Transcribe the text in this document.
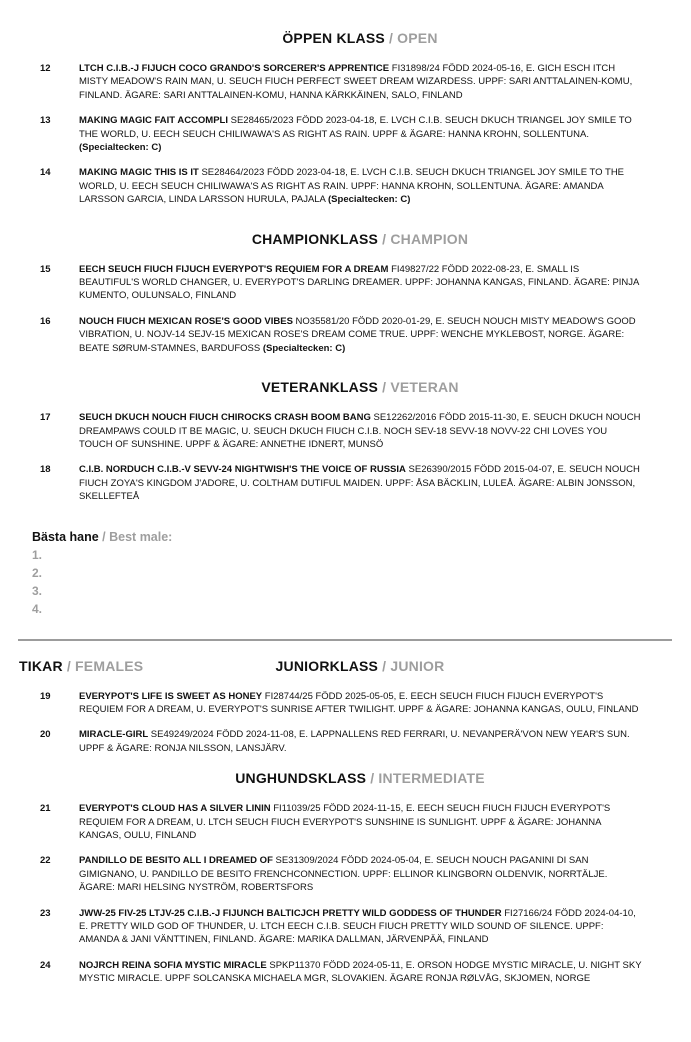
ÖPPEN KLASS / OPEN
12	LTCH C.I.B.-J FIJUCH COCO GRANDO'S SORCERER'S APPRENTICE FI31898/24 FÖDD 2024-05-16, E. GICH ESCH ITCH MISTY MEADOW'S RAIN MAN, U. SEUCH FIUCH PERFECT SWEET DREAM WIZARDESS. UPPF: SARI ANTTALAINEN-KOMU, FINLAND. ÄGARE: SARI ANTTALAINEN-KOMU, HANNA KÄRKKÄINEN, SALO, FINLAND
13	MAKING MAGIC FAIT ACCOMPLI SE28465/2023 FÖDD 2023-04-18, E. LVCH C.I.B. SEUCH DKUCH TRIANGEL JOY SMILE TO THE WORLD, U. EECH SEUCH CHILIWAWA'S AS RIGHT AS RAIN. UPPF & ÄGARE: HANNA KROHN, SOLLENTUNA. (Specialtecken: C)
14	MAKING MAGIC THIS IS IT SE28464/2023 FÖDD 2023-04-18, E. LVCH C.I.B. SEUCH DKUCH TRIANGEL JOY SMILE TO THE WORLD, U. EECH SEUCH CHILIWAWA'S AS RIGHT AS RAIN. UPPF: HANNA KROHN, SOLLENTUNA. ÄGARE: AMANDA LARSSON GARCIA, LINDA LARSSON HURULA, PAJALA (Specialtecken: C)
CHAMPIONKLASS / CHAMPION
15	EECH SEUCH FIUCH FIJUCH EVERYPOT'S REQUIEM FOR A DREAM FI49827/22 FÖDD 2022-08-23, E. SMALL IS BEAUTIFUL'S WORLD CHANGER, U. EVERYPOT'S DARLING DREAMER. UPPF: JOHANNA KANGAS, FINLAND. ÄGARE: PINJA KUMENTO, OULUNSALO, FINLAND
16	NOUCH FIUCH MEXICAN ROSE'S GOOD VIBES NO35581/20 FÖDD 2020-01-29, E. SEUCH NOUCH MISTY MEADOW'S GOOD VIBRATION, U. NOJV-14 SEJV-15 MEXICAN ROSE'S DREAM COME TRUE. UPPF: WENCHE MYKLEBOST, NORGE. ÄGARE: BEATE SØRUM-STAMNES, BARDUFOSS (Specialtecken: C)
VETERANKLASS / VETERAN
17	SEUCH DKUCH NOUCH FIUCH CHIROCKS CRASH BOOM BANG SE12262/2016 FÖDD 2015-11-30, E. SEUCH DKUCH NOUCH DREAMPAWS COULD IT BE MAGIC, U. SEUCH DKUCH FIUCH C.I.B. NOCH SEV-18 SEVV-18 NOVV-22 CHI LOVES YOU TOUCH OF SUNSHINE. UPPF & ÄGARE: ANNETHE IDNERT, MUNSÖ
18	C.I.B. NORDUCH C.I.B.-V SEVV-24 NIGHTWISH'S THE VOICE OF RUSSIA SE26390/2015 FÖDD 2015-04-07, E. SEUCH NOUCH FIUCH ZOYA'S KINGDOM J'ADORE, U. COLTHAM DUTIFUL MAIDEN. UPPF: ÅSA BÄCKLIN, LULEÅ. ÄGARE: ALBIN JONSSON, SKELLEFTEÅ
Bästa hane / Best male:
1.
2.
3.
4.
TIKAR / FEMALES	JUNIORKLASS / JUNIOR
19	EVERYPOT'S LIFE IS SWEET AS HONEY FI28744/25 FÖDD 2025-05-05, E. EECH SEUCH FIUCH FIJUCH EVERYPOT'S REQUIEM FOR A DREAM, U. EVERYPOT'S SUNRISE AFTER TWILIGHT. UPPF & ÄGARE: JOHANNA KANGAS, OULU, FINLAND
20	MIRACLE-GIRL SE49249/2024 FÖDD 2024-11-08, E. LAPPNALLENS RED FERRARI, U. NEVANPERÄ'VON NEW YEAR'S SUN. UPPF & ÄGARE: RONJA NILSSON, LANSJÄRV.
UNGHUNDSKLASS / INTERMEDIATE
21	EVERYPOT'S CLOUD HAS A SILVER LININ FI11039/25 FÖDD 2024-11-15, E. EECH SEUCH FIUCH FIJUCH EVERYPOT'S REQUIEM FOR A DREAM, U. LTCH SEUCH FIUCH EVERYPOT'S SUNSHINE IS SUNLIGHT. UPPF & ÄGARE: JOHANNA KANGAS, OULU, FINLAND
22	PANDILLO DE BESITO ALL I DREAMED OF SE31309/2024 FÖDD 2024-05-04, E. SEUCH NOUCH PAGANINI DI SAN GIMIGNANO, U. PANDILLO DE BESITO FRENCHCONNECTION. UPPF: ELLINOR KLINGBORN OLDENVIK, NORRTÄLJE. ÄGARE: MARI HELSING NYSTRÖM, ROBERTSFORS
23	JWW-25 FIV-25 LTJV-25 C.I.B.-J FIJUNCH BALTICJCH PRETTY WILD GODDESS OF THUNDER FI27166/24 FÖDD 2024-04-10, E. PRETTY WILD GOD OF THUNDER, U. LTCH EECH C.I.B. SEUCH FIUCH PRETTY WILD SOUND OF SILENCE. UPPF: AMANDA & JANI VÄNTTINEN, FINLAND. ÄGARE: MARIKA DALLMAN, JÄRVENPÄÄ, FINLAND
24	NOJRCH REINA SOFIA MYSTIC MIRACLE SPKP11370 FÖDD 2024-05-11, E. ORSON HODGE MYSTIC MIRACLE, U. NIGHT SKY MYSTIC MIRACLE. UPPF SOLCANSKA MICHAELA MGR, SLOVAKIEN. ÄGARE RONJA RØLVÅG, SKJOMEN, NORGE
